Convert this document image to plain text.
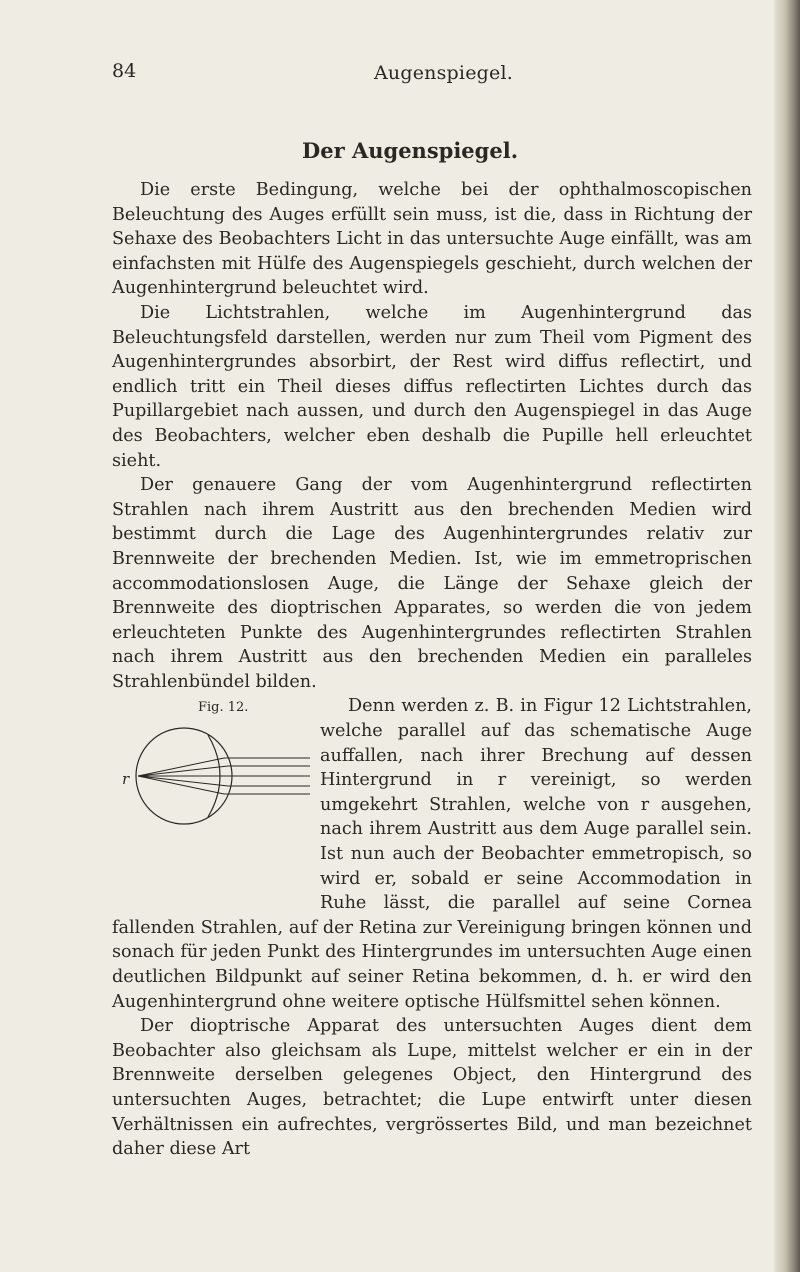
84	Augenspiegel.
Der Augenspiegel.

Die erste Bedingung, welche bei der ophthalmoscopischen Beleuchtung des Auges erfüllt sein muss, ist die, dass in Richtung der Sehaxe des Beobachters Licht in das untersuchte Auge einfällt, was am einfachsten mit Hülfe des Augenspiegels geschieht, durch welchen der Augenhintergrund beleuchtet wird.

Die Lichtstrahlen, welche im Augenhintergrund das Beleuchtungsfeld darstellen, werden nur zum Theil vom Pigment des Augenhintergrundes absorbirt, der Rest wird diffus reflectirt, und endlich tritt ein Theil dieses diffus reflectirten Lichtes durch das Pupillargebiet nach aussen, und durch den Augenspiegel in das Auge des Beobachters, welcher eben deshalb die Pupille hell erleuchtet sieht.

Der genauere Gang der vom Augenhintergrund reflectirten Strahlen nach ihrem Austritt aus den brechenden Medien wird bestimmt durch die Lage des Augenhintergrundes relativ zur Brennweite der brechenden Medien. Ist, wie im emmetroprischen accommodationslosen Auge, die Länge der Sehaxe gleich der Brennweite des dioptrischen Apparates, so werden die von jedem erleuchteten Punkte des Augenhintergrundes reflectirten Strahlen nach ihrem Austritt aus den brechenden Medien ein paralleles Strahlenbündel bilden.

Fig. 12.
r

Denn werden z. B. in Figur 12 Lichtstrahlen, welche parallel auf das schematische Auge auffallen, nach ihrer Brechung auf dessen Hintergrund in r vereinigt, so werden umgekehrt Strahlen, welche von r ausgehen, nach ihrem Austritt aus dem Auge parallel sein. Ist nun auch der Beobachter emmetropisch, so wird er, sobald er seine Accommodation in Ruhe lässt, die parallel auf seine Cornea fallenden Strahlen, auf der Retina zur Vereinigung bringen können und sonach für jeden Punkt des Hintergrundes im untersuchten Auge einen deutlichen Bildpunkt auf seiner Retina bekommen, d. h. er wird den Augenhintergrund ohne weitere optische Hülfsmittel sehen können.

Der dioptrische Apparat des untersuchten Auges dient dem Beobachter also gleichsam als Lupe, mittelst welcher er ein in der Brennweite derselben gelegenes Object, den Hintergrund des untersuchten Auges, betrachtet; die Lupe entwirft unter diesen Verhältnissen ein aufrechtes, vergrössertes Bild, und man bezeichnet daher diese Art
